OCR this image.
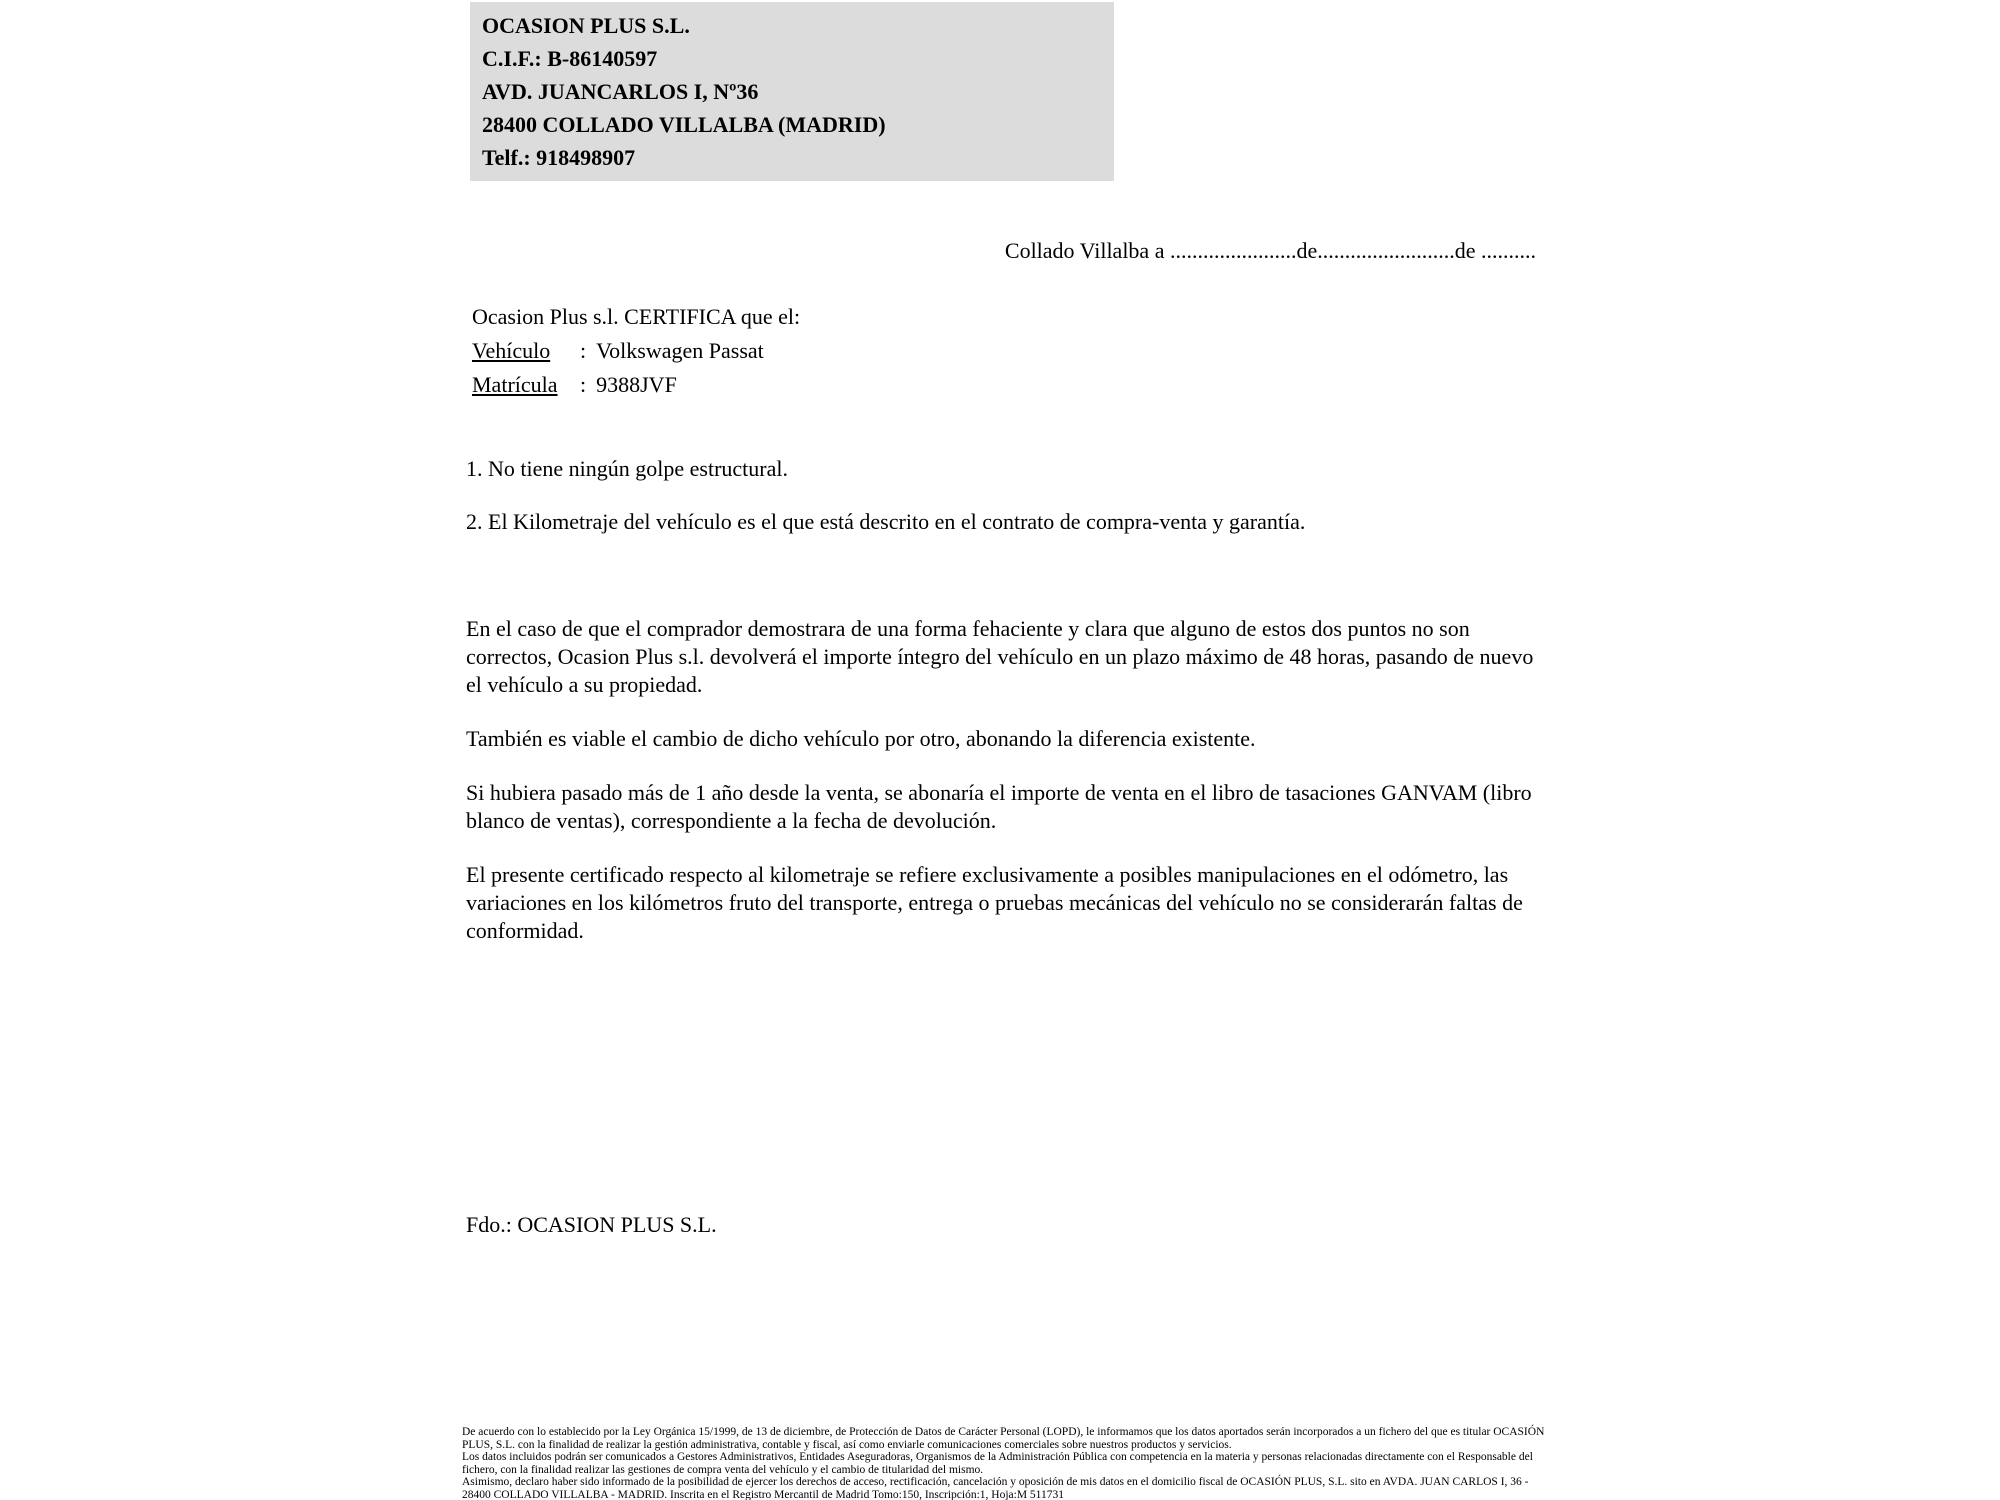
OCASION PLUS S.L.
C.I.F.: B-86140597
AVD. JUANCARLOS I, Nº36
28400 COLLADO VILLALBA (MADRID)
Telf.: 918498907
Collado Villalba a .......................de.........................de ..........
Ocasion Plus s.l. CERTIFICA que el:
Vehículo : Volkswagen Passat
Matrícula : 9388JVF
1. No tiene ningún golpe estructural.
2. El Kilometraje del vehículo es el que está descrito en el contrato de compra-venta y garantía.

En el caso de que el comprador demostrara de una forma fehaciente y clara que alguno de estos dos puntos no son correctos, Ocasion Plus s.l. devolverá el importe íntegro del vehículo en un plazo máximo de 48 horas, pasando de nuevo el vehículo a su propiedad.

También es viable el cambio de dicho vehículo por otro, abonando la diferencia existente.

Si hubiera pasado más de 1 año desde la venta, se abonaría el importe de venta en el libro de tasaciones GANVAM (libro blanco de ventas), correspondiente a la fecha de devolución.

El presente certificado respecto al kilometraje se refiere exclusivamente a posibles manipulaciones en el odómetro, las variaciones en los kilómetros fruto del transporte, entrega o pruebas mecánicas del vehículo no se considerarán faltas de conformidad.

Fdo.: OCASION PLUS S.L.

De acuerdo con lo establecido por la Ley Orgánica 15/1999, de 13 de diciembre, de Protección de Datos de Carácter Personal (LOPD), le informamos que los datos aportados serán incorporados a un fichero del que es titular OCASIÓN PLUS, S.L. con la finalidad de realizar la gestión administrativa, contable y fiscal, así como enviarle comunicaciones comerciales sobre nuestros productos y servicios.

Los datos incluidos podrán ser comunicados a Gestores Administrativos, Entidades Aseguradoras, Organismos de la Administración Pública con competencia en la materia y personas relacionadas directamente con el Responsable del fichero, con la finalidad realizar las gestiones de compra venta del vehículo y el cambio de titularidad del mismo.

Asimismo, declaro haber sido informado de la posibilidad de ejercer los derechos de acceso, rectificación, cancelación y oposición de mis datos en el domicilio fiscal de OCASIÓN PLUS, S.L. sito en AVDA. JUAN CARLOS I, 36 - 28400 COLLADO VILLALBA - MADRID. Inscrita en el Registro Mercantil de Madrid Tomo:150, Inscripción:1, Hoja:M 511731
